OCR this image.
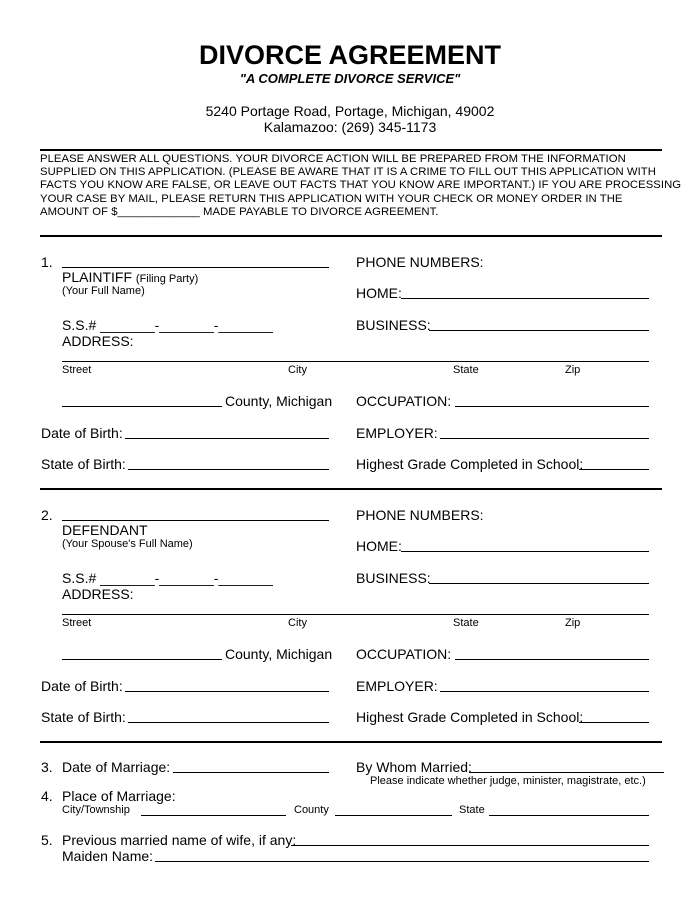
DIVORCE AGREEMENT
"A COMPLETE DIVORCE SERVICE"
5240 Portage Road, Portage, Michigan, 49002
Kalamazoo: (269) 345-1173
PLEASE ANSWER ALL QUESTIONS. YOUR DIVORCE ACTION WILL BE PREPARED FROM THE INFORMATION
SUPPLIED ON THIS APPLICATION. (PLEASE BE AWARE THAT IT IS A CRIME TO FILL OUT THIS APPLICATION WITH
FACTS YOU KNOW ARE FALSE, OR LEAVE OUT FACTS THAT YOU KNOW ARE IMPORTANT.) IF YOU ARE PROCESSING
YOUR CASE BY MAIL, PLEASE RETURN THIS APPLICATION WITH YOUR CHECK OR MONEY ORDER IN THE
AMOUNT OF $_____________ MADE PAYABLE TO DIVORCE AGREEMENT.
1.
PLAINTIFF (Filing Party)
(Your Full Name)
PHONE NUMBERS:
HOME:
S.S.# _______-_______-_______	BUSINESS:
ADDRESS:
Street	City	State	Zip
County, Michigan OCCUPATION:
Date of Birth:	EMPLOYER:
State of Birth:	Highest Grade Completed in School:
2.
DEFENDANT
(Your Spouse's Full Name)
PHONE NUMBERS:
HOME:
S.S.# _______-_______-_______	BUSINESS:
ADDRESS:
Street	City	State	Zip
County, Michigan OCCUPATION:
Date of Birth:	EMPLOYER:
State of Birth:	Highest Grade Completed in School:
3. Date of Marriage:	By Whom Married:
Please indicate whether judge, minister, magistrate, etc.)
4. Place of Marriage:
City/Township	County	State
5. Previous married name of wife, if any:
Maiden Name:
